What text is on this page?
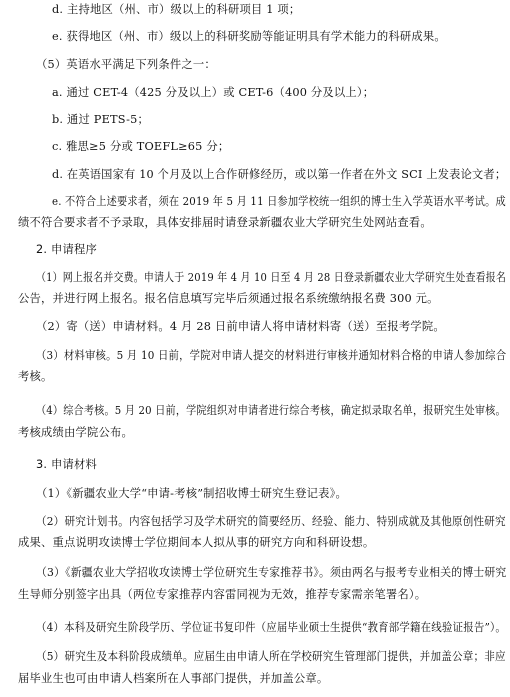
d. 主持地区（州、市）级以上的科研项目 1 项；
e. 获得地区（州、市）级以上的科研奖励等能证明具有学术能力的科研成果。
（5）英语水平满足下列条件之一：
a. 通过 CET-4（425 分及以上）或 CET-6（400 分及以上）；
b. 通过 PETS-5；
c. 雅思≥5 分或 TOEFL≥65 分；
d. 在英语国家有 10 个月及以上合作研修经历，或以第一作者在外文 SCI 上发表论文者；
e. 不符合上述要求者，须在 2019 年 5 月 11 日参加学校统一组织的博士生入学英语水平考试。成
绩不符合要求者不予录取，具体安排届时请登录新疆农业大学研究生处网站查看。
2. 申请程序
（1）网上报名并交费。申请人于 2019 年 4 月 10 日至 4 月 28 日登录新疆农业大学研究生处查看报名
公告，并进行网上报名。报名信息填写完毕后须通过报名系统缴纳报名费 300 元。
（2）寄（送）申请材料。4 月 28 日前申请人将申请材料寄（送）至报考学院。
（3）材料审核。5 月 10 日前，学院对申请人提交的材料进行审核并通知材料合格的申请人参加综合
考核。
（4）综合考核。5 月 20 日前，学院组织对申请者进行综合考核，确定拟录取名单，报研究生处审核。
考核成绩由学院公布。
3. 申请材料
（1）《新疆农业大学“申请-考核”制招收博士研究生登记表》。
（2）研究计划书。内容包括学习及学术研究的简要经历、经验、能力、特别成就及其他原创性研究
成果、重点说明攻读博士学位期间本人拟从事的研究方向和科研设想。
（3）《新疆农业大学招收攻读博士学位研究生专家推荐书》。须由两名与报考专业相关的博士研究
生导师分别签字出具（两位专家推荐内容雷同视为无效，推荐专家需亲笔署名）。
（4）本科及研究生阶段学历、学位证书复印件（应届毕业硕士生提供“教育部学籍在线验证报告”）。
（5）研究生及本科阶段成绩单。应届生由申请人所在学校研究生管理部门提供，并加盖公章；非应
届毕业生也可由申请人档案所在人事部门提供，并加盖公章。
